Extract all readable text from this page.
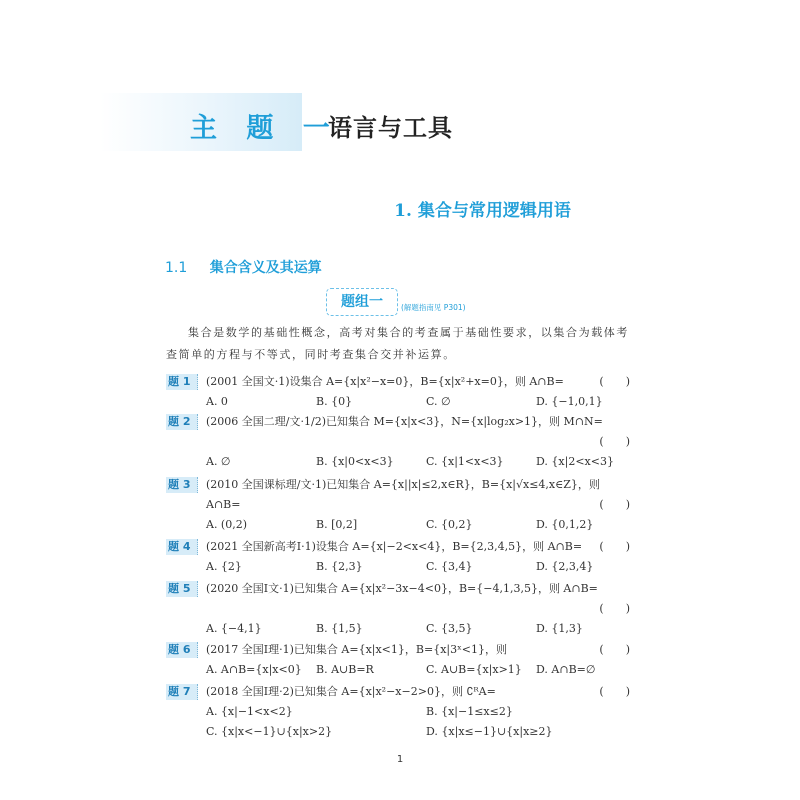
主 题 一
语言与工具
1. 集合与常用逻辑用语
1.1 集合含义及其运算
题组一	(解题指南见 P301)
集合是数学的基础性概念，高考对集合的考查属于基础性要求，以集合为载体考查简单的方程与不等式，同时考查集合交并补运算。
题 1 (2001 全国文·1)设集合 A={x|x²−x=0}，B={x|x²+x=0}，则 A∩B=	(　　)
A. 0	B. {0}	C. ∅	D. {−1,0,1}
题 2 (2006 全国二理/文·1/2)已知集合 M={x|x<3}，N={x|log₂x>1}，则 M∩N=
(　　)
A. ∅	B. {x|0<x<3}	C. {x|1<x<3}	D. {x|2<x<3}
题 3 (2010 全国课标理/文·1)已知集合 A={x||x|≤2,x∈R}，B={x|√x≤4,x∈Z}，则
A∩B=	(　　)
A. (0,2)	B. [0,2]	C. {0,2}	D. {0,1,2}
题 4 (2021 全国新高考Ⅰ·1)设集合 A={x|−2<x<4}，B={2,3,4,5}，则 A∩B= (　　)
A. {2}	B. {2,3}	C. {3,4}	D. {2,3,4}
题 5 (2020 全国Ⅰ文·1)已知集合 A={x|x²−3x−4<0}，B={−4,1,3,5}，则 A∩B=
(　　)
A. {−4,1}	B. {1,5}	C. {3,5}	D. {1,3}
题 6 (2017 全国Ⅰ理·1)已知集合 A={x|x<1}，B={x|3ˣ<1}，则	(　　)
A. A∩B={x|x<0} B. A∪B=R	C. A∪B={x|x>1} D. A∩B=∅
题 7 (2018 全国Ⅰ理·2)已知集合 A={x|x²−x−2>0}，则 ∁ᴿA=	(　　)
A. {x|−1<x<2}	B. {x|−1≤x≤2}
C. {x|x<−1}∪{x|x>2}	D. {x|x≤−1}∪{x|x≥2}
1
